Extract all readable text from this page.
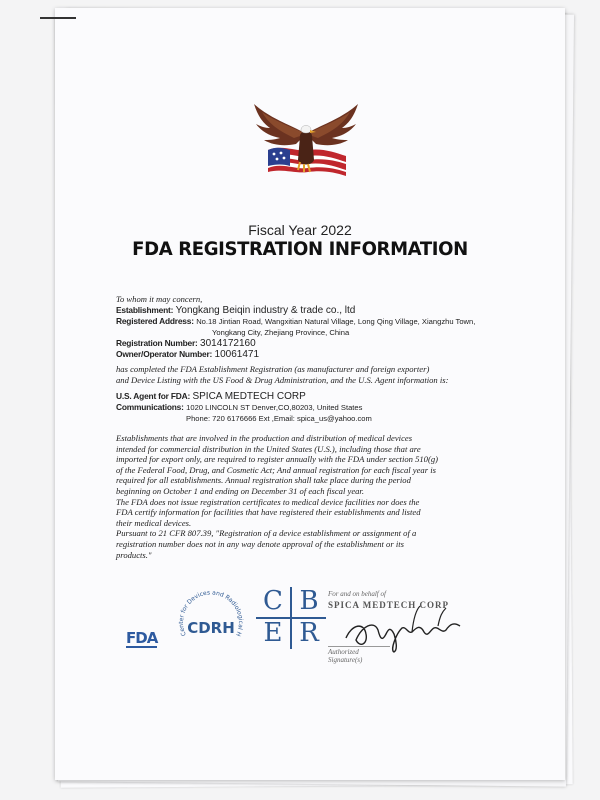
Fiscal Year 2022
FDA REGISTRATION INFORMATION
To whom it may concern,
Establishment: Yongkang Beiqin industry & trade co., ltd
Registered Address: No.18 Jintian Road, Wangxitian Natural Village, Long Qing Village, Xiangzhu Town,
Yongkang City, Zhejiang Province, China
Registration Number: 3014172160
Owner/Operator Number: 10061471
has completed the FDA Establishment Registration (as manufacturer and foreign exporter)
and Device Listing with the US Food & Drug Administration, and the U.S. Agent information is:
U.S. Agent for FDA: SPICA MEDTECH CORP
Communications: 1020 LINCOLN ST Denver,CO,80203, United States
Phone: 720 6176666 Ext ,Email: spica_us@yahoo.com
Establishments that are involved in the production and distribution of medical devices
intended for commercial distribution in the United States (U.S.), including those that are
imported for export only, are required to register annually with the FDA under section 510(g)
of the Federal Food, Drug, and Cosmetic Act; And annual registration for each fiscal year is
required for all establishments. Annual registration shall take place during the period
beginning on October 1 and ending on December 31 of each fiscal year.
The FDA does not issue registration certificates to medical device facilities nor does the
FDA certify information for facilities that have registered their establishments and listed
their medical devices.
Pursuant to 21 CFR 807.39, "Registration of a device establishment or assignment of a
registration number does not in any way denote approval of the establishment or its
products."
FDA	Center for Devices and Radiological H
CDRH
C B
E R
For and on behalf of
SPICA MEDTECH CORP
Authorized Signature(s)
